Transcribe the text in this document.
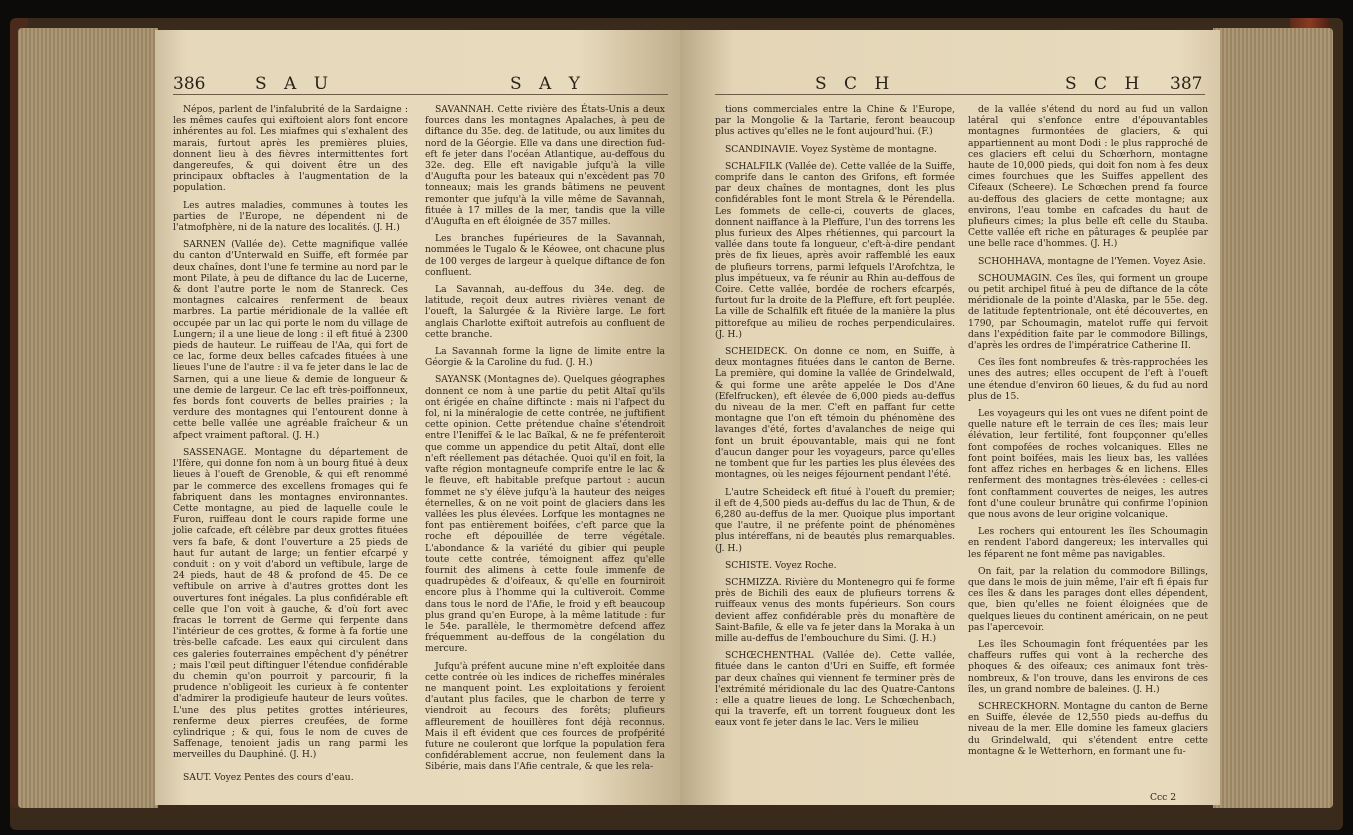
386	S A U	S A Y

Népos, parlent de l'infalubrité de la Sardaigne : les mêmes caufes qui exiftoient alors font encore inhérentes au fol. Les miafmes qui s'exhalent des marais, furtout après les premières pluies, donnent lieu à des fièvres intermittentes fort dangereufes, & qui doivent être un des principaux obftacles à l'augmentation de la population.

Les autres maladies, communes à toutes les parties de l'Europe, ne dépendent ni de l'atmofphère, ni de la nature des localités. (J. H.)

SARNEN (Vallée de). Cette magnifique vallée du canton d'Unterwald en Suiffe, eft formée par deux chaînes, dont l'une fe termine au nord par le mont Pilate, à peu de diftance du lac de Lucerne, & dont l'autre porte le nom de Stanreck. Ces montagnes calcaires renferment de beaux marbres. La partie méridionale de la vallée eft occupée par un lac qui porte le nom du village de Lungern; il a une lieue de long : il eft fitué à 2300 pieds de hauteur. Le ruiffeau de l'Aa, qui fort de ce lac, forme deux belles cafcades fituées à une lieues l'une de l'autre : il va fe jeter dans le lac de Sarnen, qui a une lieue & demie de longueur & une demie de largeur. Ce lac eft très-poiffonneux, fes bords font couverts de belles prairies ; la verdure des montagnes qui l'entourent donne à cette belle vallée une agréable fraîcheur & un afpect vraiment paftoral. (J. H.)

SASSENAGE. Montagne du département de l'Ifère, qui donne fon nom à un bourg fitué à deux lieues à l'oueft de Grenoble, & qui eft renommé par le commerce des excellens fromages qui fe fabriquent dans les montagnes environnantes. Cette montagne, au pied de laquelle coule le Furon, ruiffeau dont le cours rapide forme une jolie cafcade, eft célèbre par deux grottes fituées vers fa bafe, & dont l'ouverture a 25 pieds de haut fur autant de large; un fentier efcarpé y conduit : on y voit d'abord un veftibule, large de 24 pieds, haut de 48 & profond de 45. De ce veftibule on arrive à d'autres grottes dont les ouvertures font inégales. La plus confidérable eft celle que l'on voit à gauche, & d'où fort avec fracas le torrent de Germe qui ferpente dans l'intérieur de ces grottes, & forme à fa fortie une très-belle cafcade. Les eaux qui circulent dans ces galeries fouterraines empêchent d'y pénétrer ; mais l'œil peut diftinguer l'étendue confidérable du chemin qu'on pourroit y parcourir, fi la prudence n'obligeoit les curieux à fe contenter d'admirer la prodigieufe hauteur de leurs voûtes. L'une des plus petites grottes intérieures, renferme deux pierres creufées, de forme cylindrique ; & qui, fous le nom de cuves de Saffenage, tenoient jadis un rang parmi les merveilles du Dauphiné. (J. H.)

SAUT. Voyez Pentes des cours d'eau.

SAVANNAH. Cette rivière des États-Unis a deux fources dans les montagnes Apalaches, à peu de diftance du 35e. deg. de latitude, ou aux limites du nord de la Géorgie. Elle va dans une direction fud-eft fe jeter dans l'océan Atlantique, au-deffous du 32e. deg. Elle eft navigable jufqu'à la ville d'Augufta pour les bateaux qui n'excèdent pas 70 tonneaux; mais les grands bâtimens ne peuvent remonter que jufqu'à la ville même de Savannah, fituée à 17 milles de la mer, tandis que la ville d'Augufta en eft éloignée de 357 milles.

Les branches fupérieures de la Savannah, nommées le Tugalo & le Kéowee, ont chacune plus de 100 verges de largeur à quelque diftance de fon confluent.

La Savannah, au-deffous du 34e. deg. de latitude, reçoit deux autres rivières venant de l'oueft, la Salurgée & la Rivière large. Le fort anglais Charlotte exiftoit autrefois au confluent de cette branche.

La Savannah forme la ligne de limite entre la Géorgie & la Caroline du fud. (J. H.)

SAYANSK (Montagnes de). Quelques géographes donnent ce nom à une partie du petit Altaï qu'ils ont érigée en chaîne diftincte : mais ni l'afpect du fol, ni la minéralogie de cette contrée, ne juftifient cette opinion. Cette prétendue chaîne s'étendroit entre l'Ieniffeï & le lac Baïkal, & ne fe préfenteroit que comme un appendice du petit Altaï, dont elle n'eft réellement pas détachée. Quoi qu'il en foit, la vafte région montagneufe comprife entre le lac & le fleuve, eft habitable prefque partout : aucun fommet ne s'y élève jufqu'à la hauteur des neiges éternelles, & on ne voit point de glaciers dans les vallées les plus élevées. Lorfque les montagnes ne font pas entièrement boifées, c'eft parce que la roche eft dépouillée de terre végétale. L'abondance & la variété du gibier qui peuple toute cette contrée, témoignent affez qu'elle fournit des alimens à cette foule immenfe de quadrupèdes & d'oifeaux, & qu'elle en fourniroit encore plus à l'homme qui la cultiveroit. Comme dans tous le nord de l'Afie, le froid y eft beaucoup plus grand qu'en Europe, à la même latitude : fur le 54e. parallèle, le thermomètre defcend affez fréquemment au-deffous de la congélation du mercure.

Jufqu'à préfent aucune mine n'eft exploitée dans cette contrée où les indices de richeffes minérales ne manquent point. Les exploitations y feroient d'autant plus faciles, que le charbon de terre y viendroit au fecours des forêts; plufieurs affleurement de houillères font déjà reconnus. Mais il eft évident que ces fources de profpérité future ne couleront que lorfque la population fera confidérablement accrue, non feulement dans la Sibérie, mais dans l'Afie centrale, & que les rela-

S C H	S C H 387

tions commerciales entre la Chine & l'Europe, par la Mongolie & la Tartarie, feront beaucoup plus actives qu'elles ne le font aujourd'hui. (F.)

SCANDINAVIE. Voyez Système de montagne.

SCHALFILK (Vallée de). Cette vallée de la Suiffe, comprife dans le canton des Grifons, eft formée par deux chaînes de montagnes, dont les plus confidérables font le mont Strela & le Pérendella. Les fommets de celle-ci, couverts de glaces, donnent naiffance à la Pleffure, l'un des torrens les plus furieux des Alpes rhétiennes, qui parcourt la vallée dans toute fa longueur, c'eft-à-dire pendant près de fix lieues, après avoir raffemblé les eaux de plufieurs torrens, parmi lefquels l'Arofchtza, le plus impétueux, va fe réunir au Rhin au-deffous de Coire. Cette vallée, bordée de rochers efcarpés, furtout fur la droite de la Pleffure, eft fort peuplée. La ville de Schalfilk eft fituée de la manière la plus pittorefque au milieu de roches perpendiculaires. (J. H.)

SCHEIDECK. On donne ce nom, en Suiffe, à deux montagnes fituées dans le canton de Berne. La première, qui domine la vallée de Grindelwald, & qui forme une arête appelée le Dos d'Ane (Efelfrucken), eft élevée de 6,000 pieds au-deffus du niveau de la mer. C'eft en paffant fur cette montagne que l'on eft témoin du phénomène des lavanges d'été, fortes d'avalanches de neige qui font un bruit épouvantable, mais qui ne font d'aucun danger pour les voyageurs, parce qu'elles ne tombent que fur les parties les plus élevées des montagnes, où les neiges féjournent pendant l'été.

L'autre Scheideck eft fitué à l'oueft du premier; il eft de 4,500 pieds au-deffus du lac de Thun, & de 6,280 au-deffus de la mer. Quoique plus important que l'autre, il ne préfente point de phénomènes plus intéreffans, ni de beautés plus remarquables. (J. H.)

SCHISTE. Voyez Roche.

SCHMIZZA. Rivière du Montenegro qui fe forme près de Bichili des eaux de plufieurs torrens & ruiffeaux venus des monts fupérieurs. Son cours devient affez confidérable près du monaftère de Saint-Bafile, & elle va fe jeter dans la Moraka à un mille au-deffus de l'embouchure du Simi. (J. H.)

SCHŒCHENTHAL (Vallée de). Cette vallée, fituée dans le canton d'Uri en Suiffe, eft formée par deux chaînes qui viennent fe terminer près de l'extrémité méridionale du lac des Quatre-Cantons : elle a quatre lieues de long. Le Schœchenbach, qui la traverfe, eft un torrent fougueux dont les eaux vont fe jeter dans le lac. Vers le milieu

de la vallée s'étend du nord au fud un vallon latéral qui s'enfonce entre d'épouvantables montagnes furmontées de glaciers, & qui appartiennent au mont Dodi : le plus rapproché de ces glaciers eft celui du Schœrhorn, montagne haute de 10,000 pieds, qui doit fon nom à fes deux cimes fourchues que les Suiffes appellent des Cifeaux (Scheere). Le Schœchen prend fa fource au-deffous des glaciers de cette montagne; aux environs, l'eau tombe en cafcades du haut de plufieurs cimes; la plus belle eft celle du Stauba. Cette vallée eft riche en pâturages & peuplée par une belle race d'hommes. (J. H.)

SCHOHHAVA, montagne de l'Yemen. Voyez Asie.

SCHOUMAGIN. Ces îles, qui forment un groupe ou petit archipel fitué à peu de diftance de la côte méridionale de la pointe d'Alaska, par le 55e. deg. de latitude feptentrionale, ont été découvertes, en 1790, par Schoumagin, matelot ruffe qui fervoit dans l'expédition faite par le commodore Billings, d'après les ordres de l'impératrice Catherine II.

Ces îles font nombreufes & très-rapprochées les unes des autres; elles occupent de l'eft à l'oueft une étendue d'environ 60 lieues, & du fud au nord plus de 15.

Les voyageurs qui les ont vues ne difent point de quelle nature eft le terrain de ces îles; mais leur élévation, leur fertilité, font foupçonner qu'elles font compofées de roches volcaniques. Elles ne font point boifées, mais les lieux bas, les vallées font affez riches en herbages & en lichens. Elles renferment des montagnes très-élevées : celles-ci font conftamment couvertes de neiges, les autres font d'une couleur brunâtre qui confirme l'opinion que nous avons de leur origine volcanique.

Les rochers qui entourent les îles Schoumagin en rendent l'abord dangereux; les intervalles qui les féparent ne font même pas navigables.

On fait, par la relation du commodore Billings, que dans le mois de juin même, l'air eft fi épais fur ces îles & dans les parages dont elles dépendent, que, bien qu'elles ne foient éloignées que de quelques lieues du continent américain, on ne peut pas l'apercevoir.

Les îles Schoumagin font fréquentées par les chaffeurs ruffes qui vont à la recherche des phoques & des oifeaux; ces animaux font très-nombreux, & l'on trouve, dans les environs de ces îles, un grand nombre de baleines. (J. H.)

SCHRECKHORN. Montagne du canton de Berne en Suiffe, élevée de 12,550 pieds au-deffus du niveau de la mer. Elle domine les fameux glaciers du Grindelwald, qui s'étendent entre cette montagne & le Wetterhorn, en formant une fu-

Ccc 2
